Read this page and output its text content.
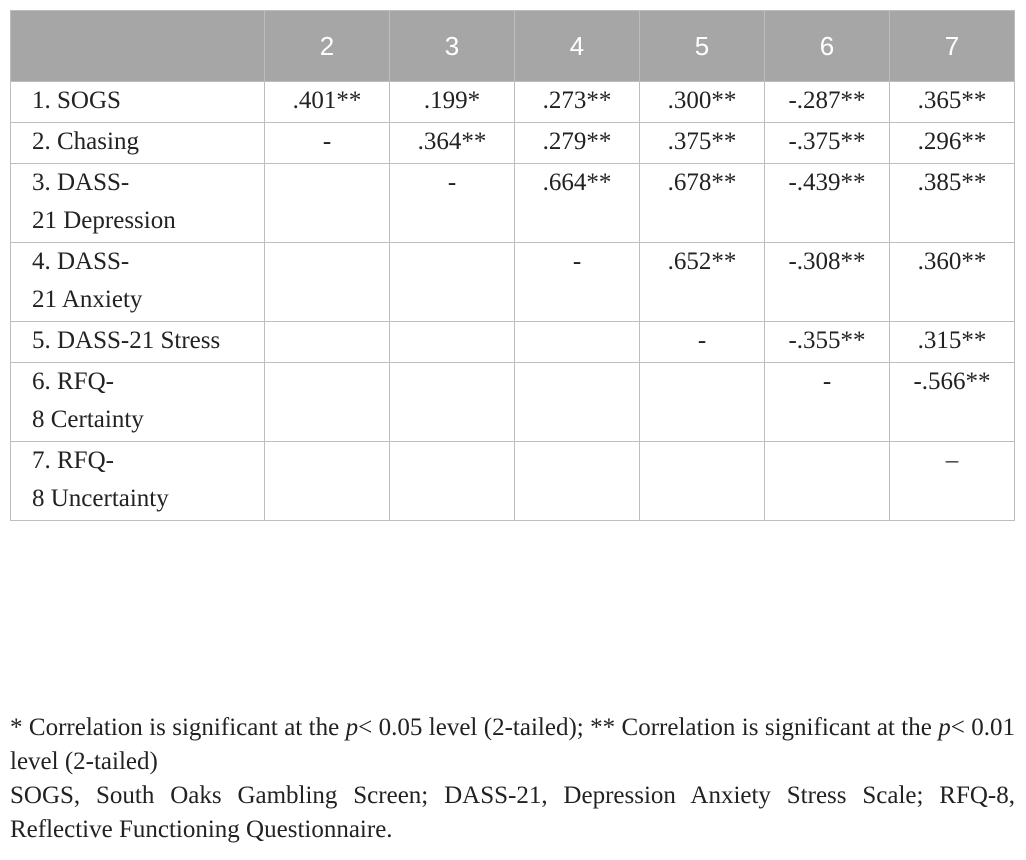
	2	3	4	5	6	7
1. SOGS	.401**	.199*	.273**	.300**	-.287**	.365**
2. Chasing	-	.364**	.279**	.375**	-.375**	.296**
3. DASS-
21 Depression		-	.664**	.678**	-.439**	.385**
4. DASS-
21 Anxiety			-	.652**	-.308**	.360**
5. DASS-21 Stress				-	-.355**	.315**
6. RFQ-
8 Certainty					-	-.566**
7. RFQ-
8 Uncertainty						–

* Correlation is significant at the p< 0.05 level (2-tailed); ** Correlation is significant at the p< 0.01 level (2-tailed)

SOGS, South Oaks Gambling Screen; DASS-21, Depression Anxiety Stress Scale; RFQ-8, Reflective Functioning Questionnaire.
